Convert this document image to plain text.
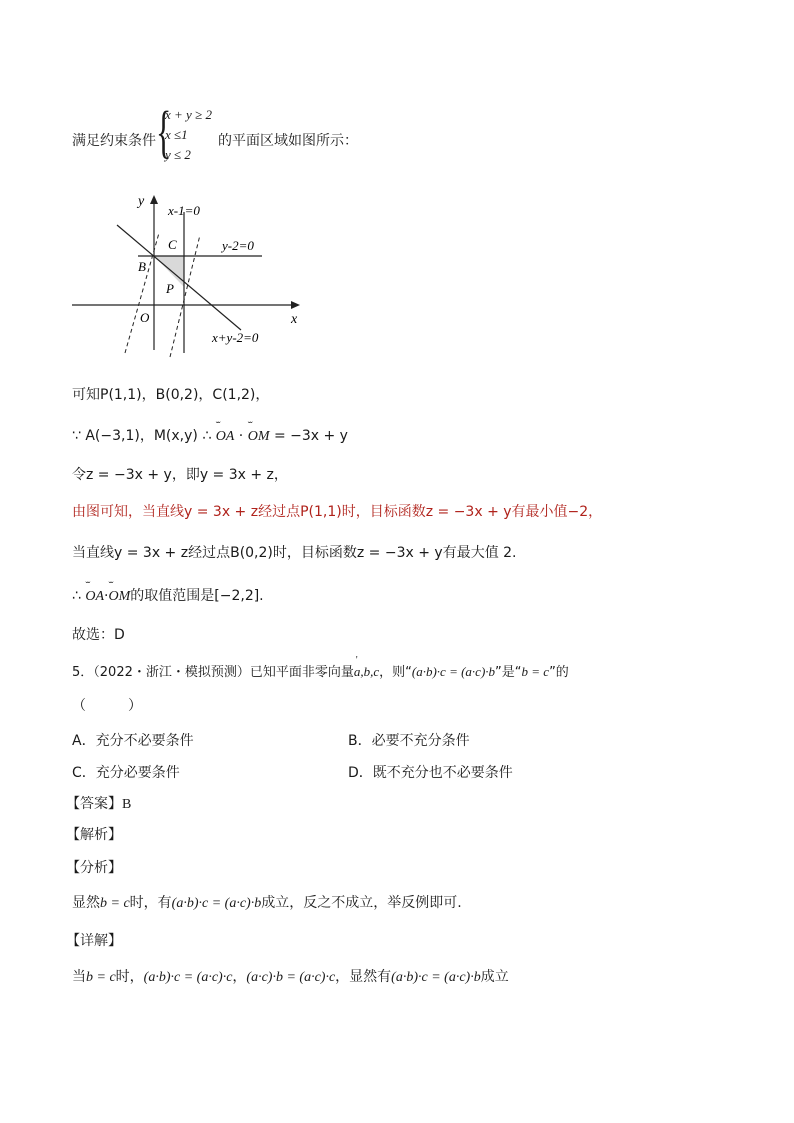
满足约束条件 {
x + y ≥ 2
x ≤1
y ≤ 2
的平面区域如图所示：
y
x
O
B
C
P
x-1=0
y-2=0
x+y-2=0
可知P(1,1)，B(0,2)，C(1,2)，
∵ A(−3,1)，M(x,y) ∴ ˇˇ OA · ˇˇ OM = −3x + y
令z = −3x + y，即y = 3x + z，
由图可知，当直线y = 3x + z经过点P(1,1)时，目标函数z = −3x + y有最小值−2，
当直线y = 3x + z经过点B(0,2)时，目标函数z = −3x + y有最大值 2.
∴ ˇˇ OA·ˇˇ OM的取值范围是[−2,2].
故选：D
5．（2022・浙江・模拟预测）已知平面非零向量' a,b,c，则“(a·b)·c = (a·c)·b”是“b = c”的
（　　　）
A．充分不必要条件	B．必要不充分条件
C．充分必要条件	D．既不充分也不必要条件
【答案】B
【解析】
【分析】
显然b = c时，有(a·b)·c = (a·c)·b成立，反之不成立，举反例即可.
【详解】
当b = c时，(a·b)·c = (a·c)·c，(a·c)·b = (a·c)·c，显然有(a·b)·c = (a·c)·b成立
